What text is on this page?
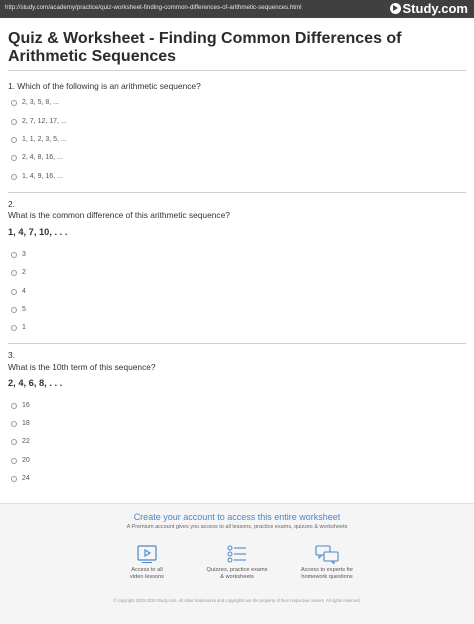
http://study.com/academy/practice/quiz-worksheet-finding-common-differences-of-arithmetic-sequences.html	Study.com
Quiz & Worksheet - Finding Common Differences of Arithmetic Sequences
1. Which of the following is an arithmetic sequence?
2, 3, 5, 8, ...
2, 7, 12, 17, ...
1, 1, 2, 3, 5, ...
2, 4, 8, 16, ...
1, 4, 9, 16, ...
2.
What is the common difference of this arithmetic sequence?
1, 4, 7, 10, . . .
3
2
4
5
1
3.
What is the 10th term of this sequence?
2, 4, 6, 8, . . .
16
18
22
20
24
Create your account to access this entire worksheet
A Premium account gives you access to all lessons, practice exams, quizzes & worksheets
Access to all
video lessons
Quizzes, practice exams
& worksheets
Access to experts for
homework questions
© copyright 2003-2020 Study.com. All other trademarks and copyrights are the property of their respective owners. All rights reserved.
